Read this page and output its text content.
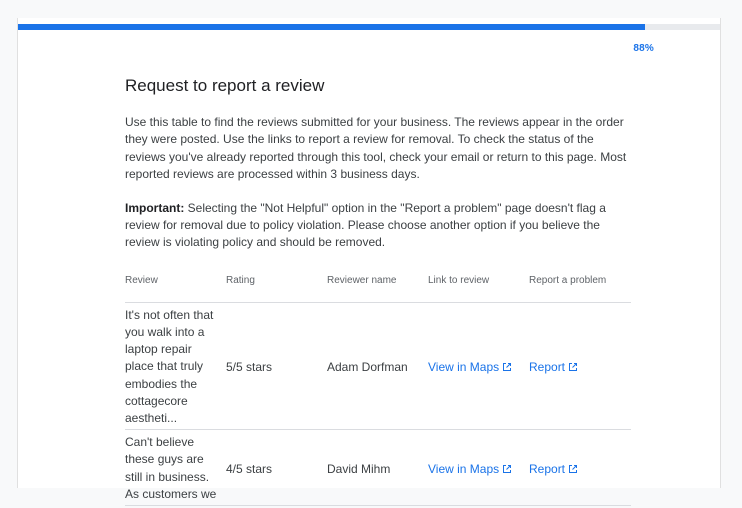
88%
Request to report a review

Use this table to find the reviews submitted for your business. The reviews appear in the order they were posted. Use the links to report a review for removal. To check the status of the reviews you've already reported through this tool, check your email or return to this page. Most reported reviews are processed within 3 business days.

Important: Selecting the "Not Helpful" option in the "Report a problem" page doesn't flag a review for removal due to policy violation. Please choose another option if you believe the review is violating policy and should be removed.

Review	Rating	Reviewer name	Link to review	Report a problem

It's not often that you walk into a laptop repair place that truly embodies the cottagecore aestheti...	5/5 stars	Adam Dorfman	View in Maps	Report

Can't believe these guys are still in business. As customers we	4/5 stars	David Mihm	View in Maps	Report
